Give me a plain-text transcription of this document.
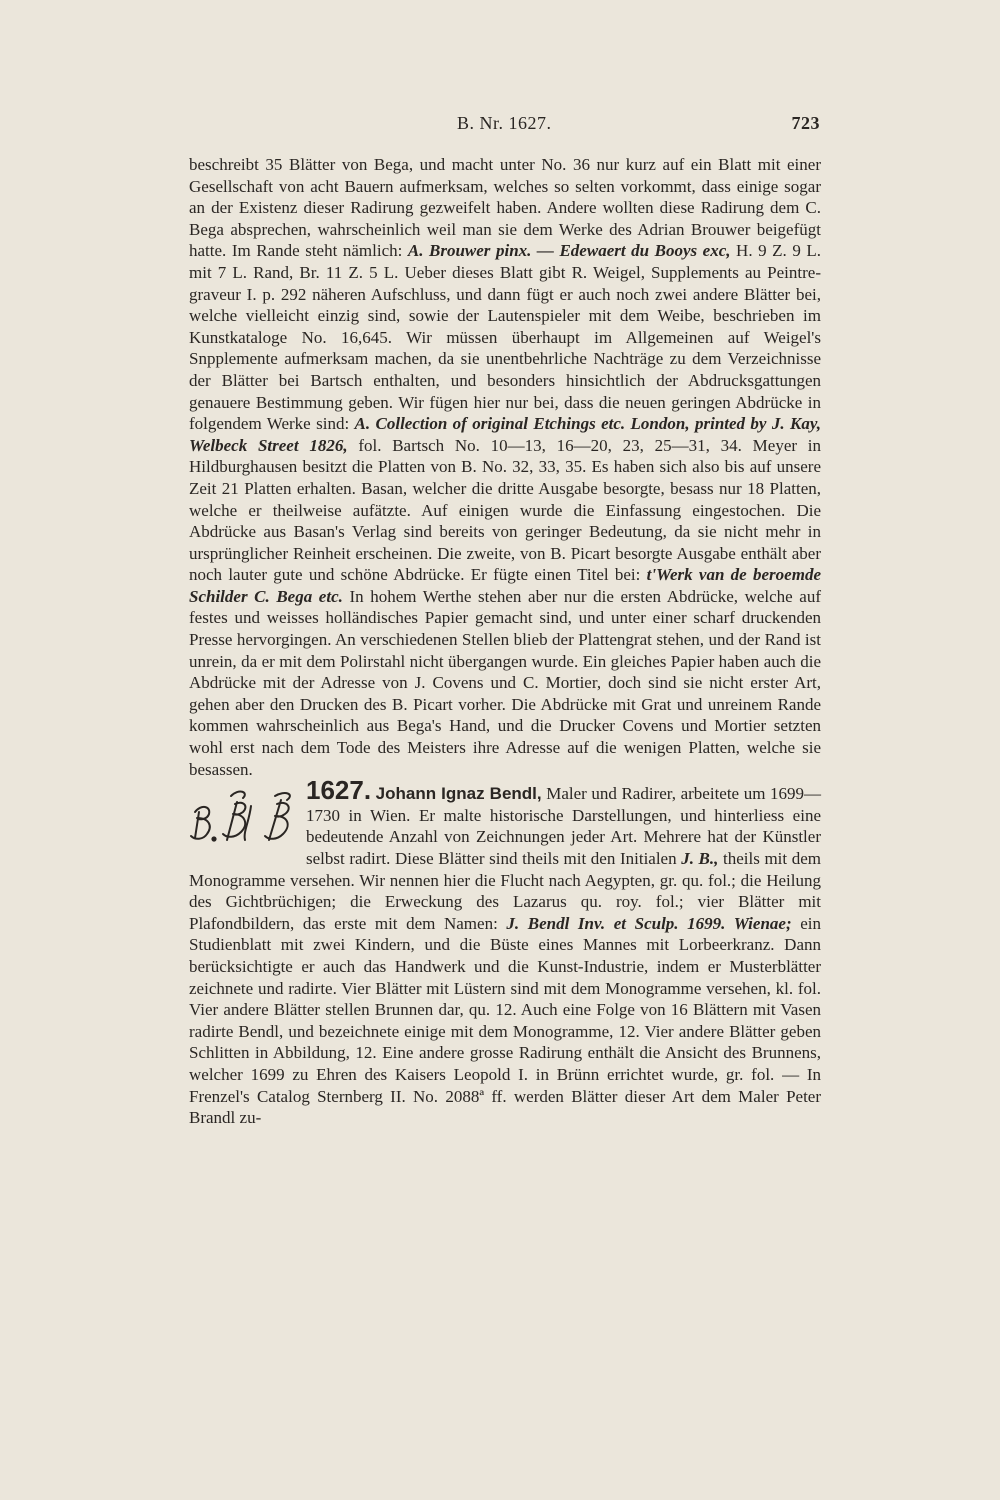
B. Nr. 1627.	723

beschreibt 35 Blätter von Bega, und macht unter No. 36 nur kurz auf ein Blatt mit einer Gesellschaft von acht Bauern aufmerksam, welches so selten vorkommt, dass einige sogar an der Existenz dieser Radirung gezweifelt haben. Andere wollten diese Radirung dem C. Bega absprechen, wahrscheinlich weil man sie dem Werke des Adrian Brouwer beigefügt hatte. Im Rande steht nämlich: A. Brouwer pinx. — Edewaert du Booys exc, H. 9 Z. 9 L. mit 7 L. Rand, Br. 11 Z. 5 L. Ueber dieses Blatt gibt R. Weigel, Supplements au Peintre-graveur I. p. 292 näheren Aufschluss, und dann fügt er auch noch zwei andere Blätter bei, welche vielleicht einzig sind, sowie der Lautenspieler mit dem Weibe, beschrieben im Kunstkataloge No. 16,645. Wir müssen überhaupt im Allgemeinen auf Weigel's Snpplemente aufmerksam machen, da sie unentbehrliche Nachträge zu dem Verzeichnisse der Blätter bei Bartsch enthalten, und besonders hinsichtlich der Abdrucksgattungen genauere Bestimmung geben. Wir fügen hier nur bei, dass die neuen geringen Abdrücke in folgendem Werke sind: A. Collection of original Etchings etc. London, printed by J. Kay, Welbeck Street 1826, fol. Bartsch No. 10—13, 16—20, 23, 25—31, 34. Meyer in Hildburghausen besitzt die Platten von B. No. 32, 33, 35. Es haben sich also bis auf unsere Zeit 21 Platten erhalten. Basan, welcher die dritte Ausgabe besorgte, besass nur 18 Platten, welche er theilweise aufätzte. Auf einigen wurde die Einfassung eingestochen. Die Abdrücke aus Basan's Verlag sind bereits von geringer Bedeutung, da sie nicht mehr in ursprünglicher Reinheit erscheinen. Die zweite, von B. Picart besorgte Ausgabe enthält aber noch lauter gute und schöne Abdrücke. Er fügte einen Titel bei: t'Werk van de beroemde Schilder C. Bega etc. In hohem Werthe stehen aber nur die ersten Abdrücke, welche auf festes und weisses holländisches Papier gemacht sind, und unter einer scharf druckenden Presse hervorgingen. An verschiedenen Stellen blieb der Plattengrat stehen, und der Rand ist unrein, da er mit dem Polirstahl nicht übergangen wurde. Ein gleiches Papier haben auch die Abdrücke mit der Adresse von J. Covens und C. Mortier, doch sind sie nicht erster Art, gehen aber den Drucken des B. Picart vorher. Die Abdrücke mit Grat und unreinem Rande kommen wahrscheinlich aus Bega's Hand, und die Drucker Covens und Mortier setzten wohl erst nach dem Tode des Meisters ihre Adresse auf die wenigen Platten, welche sie besassen.

1627. Johann Ignaz Bendl,
Maler und Radirer, arbeitete um 1699—1730 in Wien. Er malte historische Darstellungen, und hinterliess eine bedeutende Anzahl von Zeichnungen jeder Art. Mehrere hat der Künstler selbst radirt. Diese Blätter sind theils mit den Initialen J. B., theils mit dem Monogramme versehen. Wir nennen hier die Flucht nach Aegypten, gr. qu. fol.; die Heilung des Gichtbrüchigen; die Erweckung des Lazarus qu. roy. fol.; vier Blätter mit Plafondbildern, das erste mit dem Namen: J. Bendl Inv. et Sculp. 1699. Wienae; ein Studienblatt mit zwei Kindern, und die Büste eines Mannes mit Lorbeerkranz. Dann berücksichtigte er auch das Handwerk und die Kunst-Industrie, indem er Musterblätter zeichnete und radirte. Vier Blätter mit Lüstern sind mit dem Monogramme versehen, kl. fol. Vier andere Blätter stellen Brunnen dar, qu. 12. Auch eine Folge von 16 Blättern mit Vasen radirte Bendl, und bezeichnete einige mit dem Monogramme, 12. Vier andere Blätter geben Schlitten in Abbildung, 12. Eine andere grosse Radirung enthält die Ansicht des Brunnens, welcher 1699 zu Ehren des Kaisers Leopold I. in Brünn errichtet wurde, gr. fol. — In Frenzel's Catalog Sternberg II. No. 2088ª ff. werden Blätter dieser Art dem Maler Peter Brandl zu-
